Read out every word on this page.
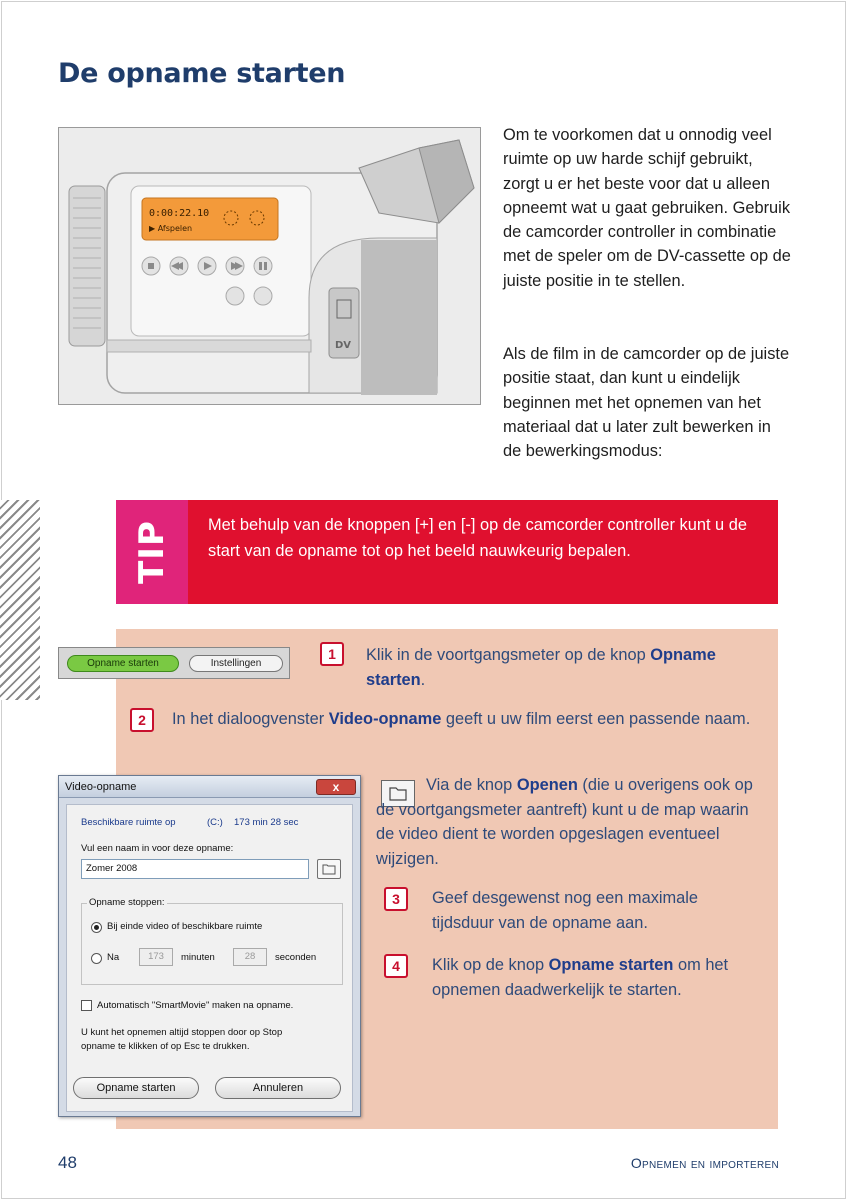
De opname starten
0:00:22.10
▶ Afspelen
DV

Om te voorkomen dat u onnodig veel ruimte op uw harde schijf gebruikt, zorgt u er het beste voor dat u alleen opneemt wat u gaat gebruiken. Gebruik de camcorder controller in combinatie met de speler om de DV-cassette op de juiste positie in te stellen.

Als de film in de camcorder op de juiste positie staat, dan kunt u eindelijk beginnen met het opnemen van het materiaal dat u later zult bewerken in de bewerkingsmodus:

TIP Met behulp van de knoppen [+] en [-] op de camcorder controller kunt u de start van de opname tot op het beeld nauwkeurig bepalen.
Opname starten	Instellingen
1	Klik in de voortgangsmeter op de knop Opname starten.
2	In het dialoogvenster Video-opname geeft u uw film eerst een passende naam.
Via de knop Openen (die u overigens ook op de voortgangsmeter aantreft) kunt u de map waarin de video dient te worden opgeslagen eventueel wijzigen.
3	Geef desgewenst nog een maximale tijdsduur van de opname aan.
4	Klik op de knop Opname starten om het opnemen daadwerkelijk te starten.
Video-opname	x
Beschikbare ruimte op	(C:) 173 min 28 sec
Vul een naam in voor deze opname:
Zomer 2008
Opname stoppen:
Bij einde video of beschikbare ruimte
Na	173	minuten	28	seconden
Automatisch "SmartMovie" maken na opname.
U kunt het opnemen altijd stoppen door op Stop
opname te klikken of op Esc te drukken.
Opname starten	Annuleren
48	Opnemen en importeren
